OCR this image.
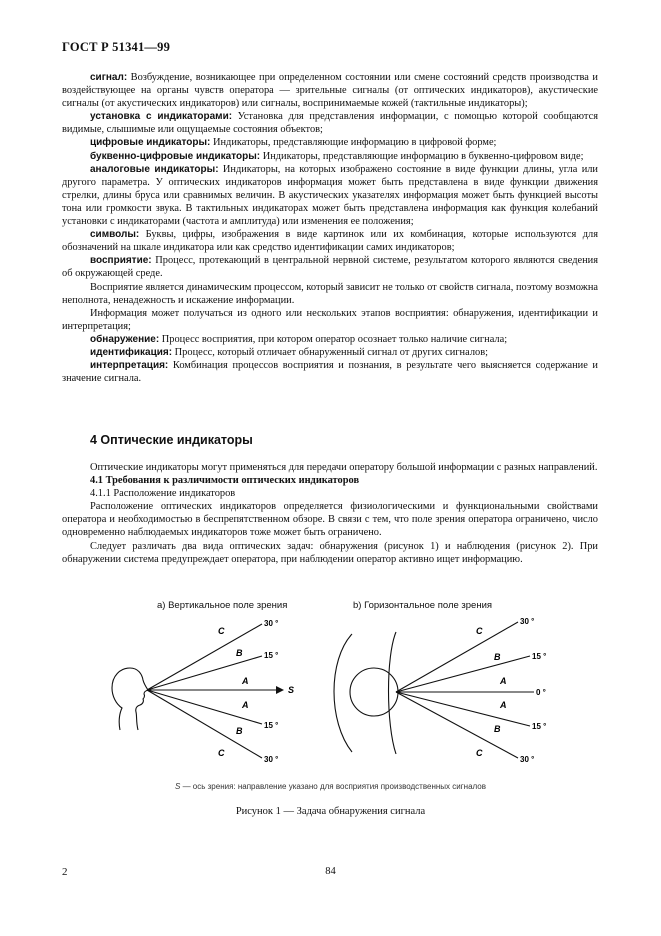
ГОСТ Р 51341—99

сигнал: Возбуждение, возникающее при определенном состоянии или смене состояний средств производства и воздействующее на органы чувств оператора — зрительные сигналы (от оптических индикаторов), акустические сигналы (от акустических индикаторов) или сигналы, воспринимаемые кожей (тактильные индикаторы);

установка с индикаторами: Установка для представления информации, с помощью которой сообщаются видимые, слышимые или ощущаемые состояния объектов;

цифровые индикаторы: Индикаторы, представляющие информацию в цифровой форме;

буквенно-цифровые индикаторы: Индикаторы, представляющие информацию в буквенно-цифровом виде;

аналоговые индикаторы: Индикаторы, на которых изображено состояние в виде функции длины, угла или другого параметра. У оптических индикаторов информация может быть представлена в виде функции движения стрелки, длины бруса или сравнимых величин. В акустических указателях информация может быть функцией высоты тона или громкости звука. В тактильных индикаторах может быть представлена информация как функция колебаний установки с индикаторами (частота и амплитуда) или изменения ее положения;

символы: Буквы, цифры, изображения в виде картинок или их комбинация, которые используются для обозначений на шкале индикатора или как средство идентификации самих индикаторов;

восприятие: Процесс, протекающий в центральной нервной системе, результатом которого являются сведения об окружающей среде.

Восприятие является динамическим процессом, который зависит не только от свойств сигнала, поэтому возможна неполнота, ненадежность и искажение информации.

Информация может получаться из одного или нескольких этапов восприятия: обнаружения, идентификации и интерпретация;

обнаружение: Процесс восприятия, при котором оператор осознает только наличие сигнала;

идентификация: Процесс, который отличает обнаруженный сигнал от других сигналов;

интерпретация: Комбинация процессов восприятия и познания, в результате чего выясняется содержание и значение сигнала.

4 Оптические индикаторы

Оптические индикаторы могут применяться для передачи оператору большой информации с разных направлений.

4.1 Требования к различимости оптических индикаторов

4.1.1 Расположение индикаторов

Расположение оптических индикаторов определяется физиологическими и функциональными свойствами оператора и необходимостью в беспрепятственном обзоре. В связи с тем, что поле зрения оператора ограничено, число одновременно наблюдаемых индикаторов тоже может быть ограничено.

Следует различать два вида оптических задач: обнаружения (рисунок 1) и наблюдения (рисунок 2). При обнаружении система предупреждает оператора, при наблюдении оператор активно ищет информацию.

a) Вертикальное поле зрения	b) Горизонтальное поле зрения
S
C
B
A
A
B
C
30 °
15 °
15 °
30 °
C
B
A
A
B
C
30 °
15 °
0 °
15 °
30 °
S — ось зрения: направление указано для восприятия производственных сигналов
Рисунок 1 — Задача обнаружения сигнала
2	84
